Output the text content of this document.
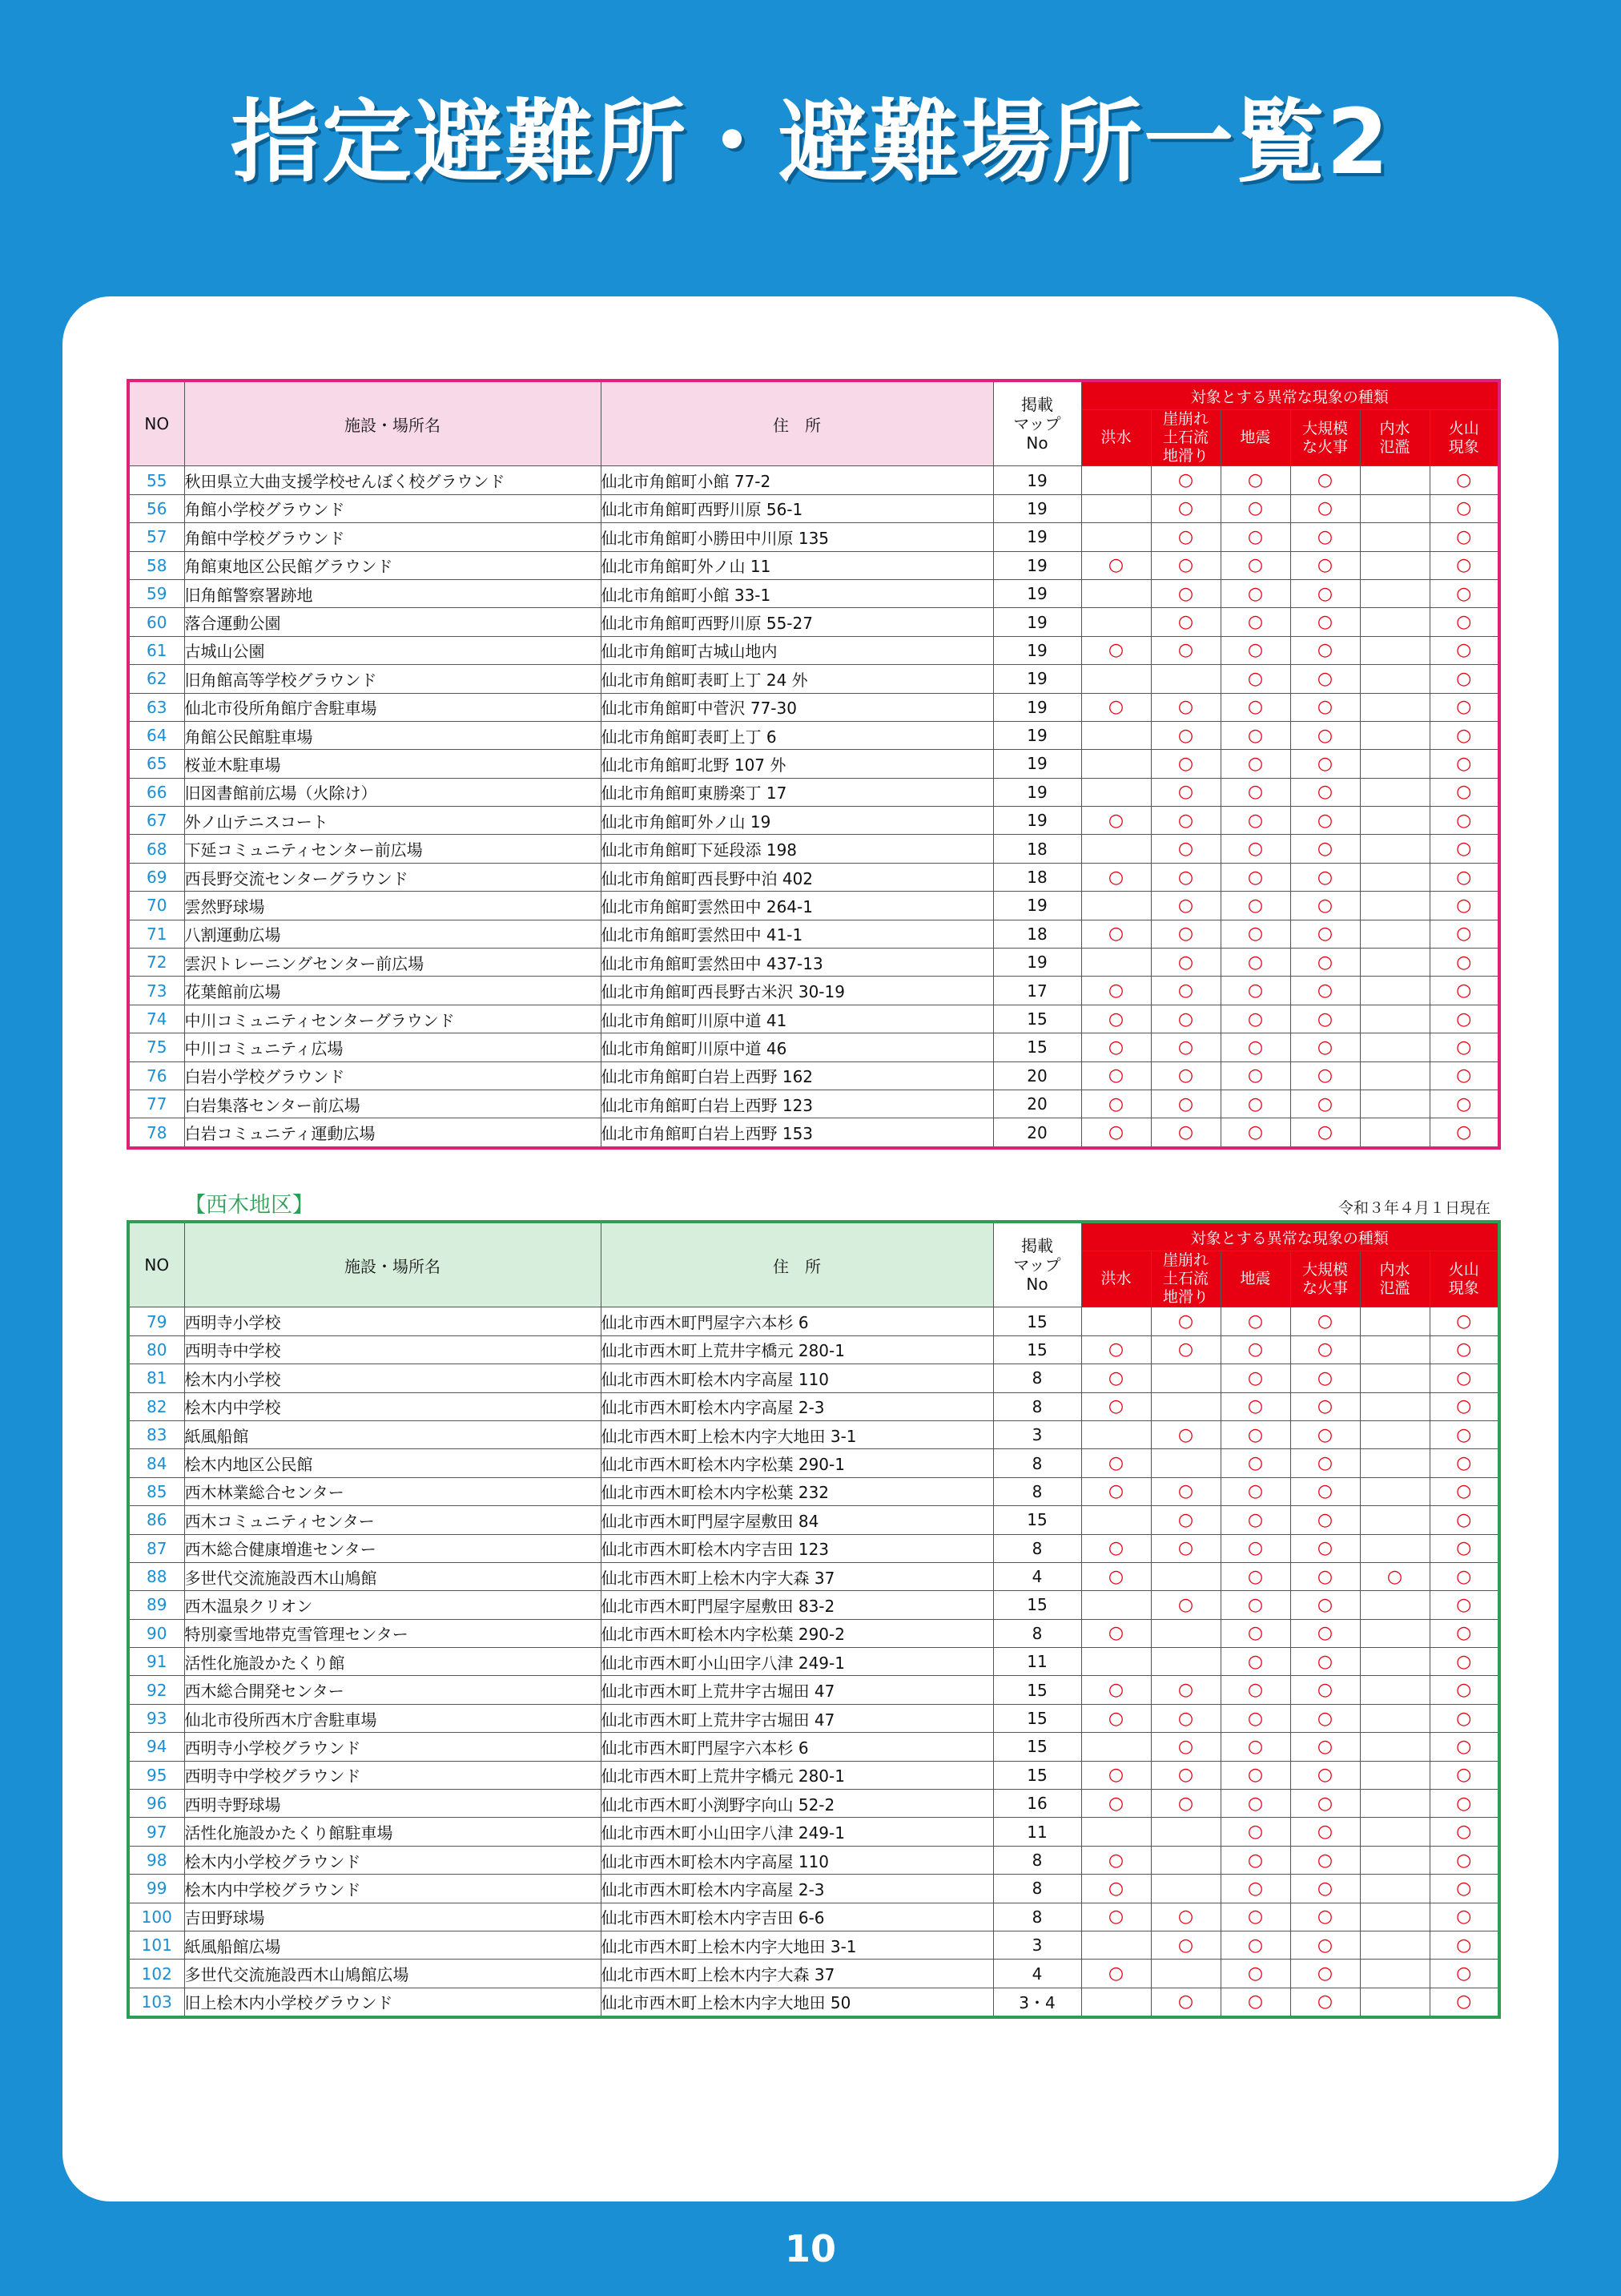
指定避難所・避難場所一覧2
NO	施設・場所名	住　所	掲載
マップ
No	対象とする異常な現象の種類					
				洪水	崖崩れ
土石流
地滑り	地震	大規模
な火事	内水
氾濫	火山
現象
55	秋田県立大曲支援学校せんぼく校グラウンド	仙北市角館町小館 77-2	19		○	○	○		○
56	角館小学校グラウンド	仙北市角館町西野川原 56-1	19		○	○	○		○
57	角館中学校グラウンド	仙北市角館町小勝田中川原 135	19		○	○	○		○
58	角館東地区公民館グラウンド	仙北市角館町外ノ山 11	19	○	○	○	○		○
59	旧角館警察署跡地	仙北市角館町小館 33-1	19		○	○	○		○
60	落合運動公園	仙北市角館町西野川原 55-27	19		○	○	○		○
61	古城山公園	仙北市角館町古城山地内	19	○	○	○	○		○
62	旧角館高等学校グラウンド	仙北市角館町表町上丁 24 外	19			○	○		○
63	仙北市役所角館庁舎駐車場	仙北市角館町中菅沢 77-30	19	○	○	○	○		○
64	角館公民館駐車場	仙北市角館町表町上丁 6	19		○	○	○		○
65	桜並木駐車場	仙北市角館町北野 107 外	19		○	○	○		○
66	旧図書館前広場（火除け）	仙北市角館町東勝楽丁 17	19		○	○	○		○
67	外ノ山テニスコート	仙北市角館町外ノ山 19	19	○	○	○	○		○
68	下延コミュニティセンター前広場	仙北市角館町下延段添 198	18		○	○	○		○
69	西長野交流センターグラウンド	仙北市角館町西長野中泊 402	18	○	○	○	○		○
70	雲然野球場	仙北市角館町雲然田中 264-1	19		○	○	○		○
71	八割運動広場	仙北市角館町雲然田中 41-1	18	○	○	○	○		○
72	雲沢トレーニングセンター前広場	仙北市角館町雲然田中 437-13	19		○	○	○		○
73	花葉館前広場	仙北市角館町西長野古米沢 30-19	17	○	○	○	○		○
74	中川コミュニティセンターグラウンド	仙北市角館町川原中道 41	15	○	○	○	○		○
75	中川コミュニティ広場	仙北市角館町川原中道 46	15	○	○	○	○		○
76	白岩小学校グラウンド	仙北市角館町白岩上西野 162	20	○	○	○	○		○
77	白岩集落センター前広場	仙北市角館町白岩上西野 123	20	○	○	○	○		○
78	白岩コミュニティ運動広場	仙北市角館町白岩上西野 153	20	○	○	○	○		○
【西木地区】	令和３年４月１日現在
NO	施設・場所名	住　所	掲載
マップ
No	対象とする異常な現象の種類					
				洪水	崖崩れ
土石流
地滑り	地震	大規模
な火事	内水
氾濫	火山
現象
79	西明寺小学校	仙北市西木町門屋字六本杉 6	15		○	○	○		○
80	西明寺中学校	仙北市西木町上荒井字橋元 280-1	15	○	○	○	○		○
81	桧木内小学校	仙北市西木町桧木内字高屋 110	8	○		○	○		○
82	桧木内中学校	仙北市西木町桧木内字高屋 2-3	8	○		○	○		○
83	紙風船館	仙北市西木町上桧木内字大地田 3-1	3		○	○	○		○
84	桧木内地区公民館	仙北市西木町桧木内字松葉 290-1	8	○		○	○		○
85	西木林業総合センター	仙北市西木町桧木内字松葉 232	8	○	○	○	○		○
86	西木コミュニティセンター	仙北市西木町門屋字屋敷田 84	15		○	○	○		○
87	西木総合健康増進センター	仙北市西木町桧木内字吉田 123	8	○	○	○	○		○
88	多世代交流施設西木山鳩館	仙北市西木町上桧木内字大森 37	4	○		○	○	○	○
89	西木温泉クリオン	仙北市西木町門屋字屋敷田 83-2	15		○	○	○		○
90	特別豪雪地帯克雪管理センター	仙北市西木町桧木内字松葉 290-2	8	○		○	○		○
91	活性化施設かたくり館	仙北市西木町小山田字八津 249-1	11			○	○		○
92	西木総合開発センター	仙北市西木町上荒井字古堀田 47	15	○	○	○	○		○
93	仙北市役所西木庁舎駐車場	仙北市西木町上荒井字古堀田 47	15	○	○	○	○		○
94	西明寺小学校グラウンド	仙北市西木町門屋字六本杉 6	15		○	○	○		○
95	西明寺中学校グラウンド	仙北市西木町上荒井字橋元 280-1	15	○	○	○	○		○
96	西明寺野球場	仙北市西木町小渕野字向山 52-2	16	○	○	○	○		○
97	活性化施設かたくり館駐車場	仙北市西木町小山田字八津 249-1	11			○	○		○
98	桧木内小学校グラウンド	仙北市西木町桧木内字高屋 110	8	○		○	○		○
99	桧木内中学校グラウンド	仙北市西木町桧木内字高屋 2-3	8	○		○	○		○
100	吉田野球場	仙北市西木町桧木内字吉田 6-6	8	○	○	○	○		○
101	紙風船館広場	仙北市西木町上桧木内字大地田 3-1	3		○	○	○		○
102	多世代交流施設西木山鳩館広場	仙北市西木町上桧木内字大森 37	4	○		○	○		○
103	旧上桧木内小学校グラウンド	仙北市西木町上桧木内字大地田 50	3・4		○	○	○		○
10
